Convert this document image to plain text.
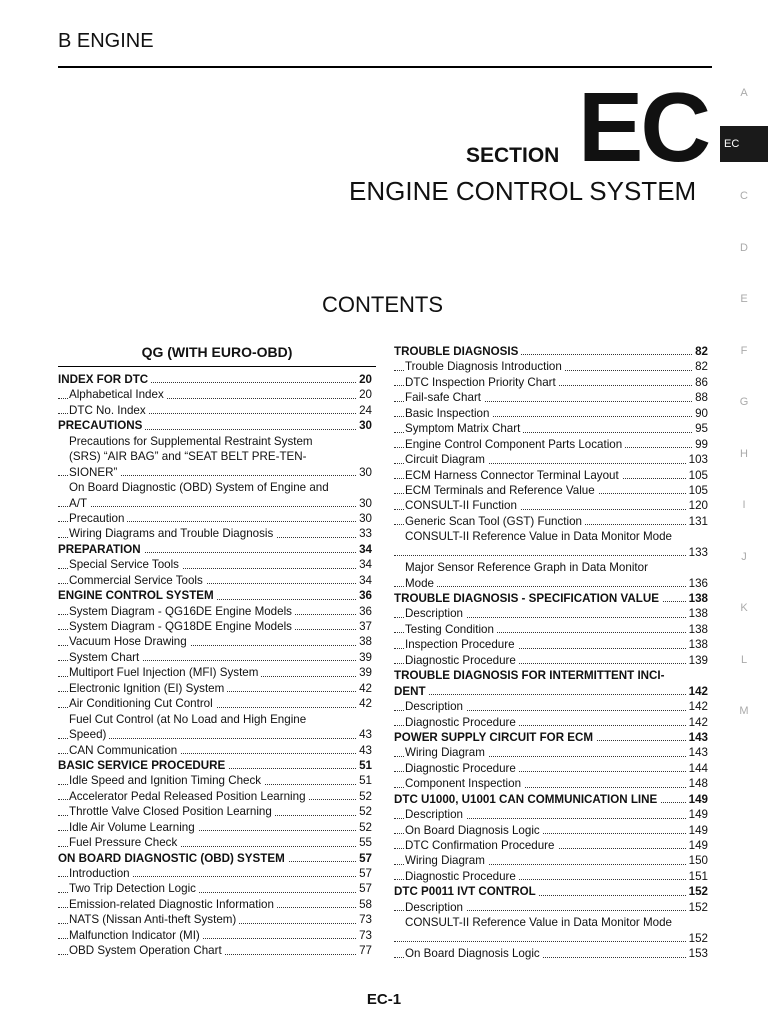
B ENGINE
SECTION EC
ENGINE CONTROL SYSTEM
CONTENTS
QG (WITH EURO-OBD)
INDEX FOR DTC	20
Alphabetical Index	20
DTC No. Index	24
PRECAUTIONS	30
Precautions for Supplemental Restraint System
(SRS) “AIR BAG” and “SEAT BELT PRE-TEN-
SIONER”	30
On Board Diagnostic (OBD) System of Engine and
A/T	30
Precaution	30
Wiring Diagrams and Trouble Diagnosis	33
PREPARATION	34
Special Service Tools	34
Commercial Service Tools	34
ENGINE CONTROL SYSTEM	36
System Diagram - QG16DE Engine Models	36
System Diagram - QG18DE Engine Models	37
Vacuum Hose Drawing	38
System Chart	39
Multiport Fuel Injection (MFI) System	39
Electronic Ignition (EI) System	42
Air Conditioning Cut Control	42
Fuel Cut Control (at No Load and High Engine
Speed)	43
CAN Communication	43
BASIC SERVICE PROCEDURE	51
Idle Speed and Ignition Timing Check	51
Accelerator Pedal Released Position Learning	52
Throttle Valve Closed Position Learning	52
Idle Air Volume Learning	52
Fuel Pressure Check	55
ON BOARD DIAGNOSTIC (OBD) SYSTEM	57
Introduction	57
Two Trip Detection Logic	57
Emission-related Diagnostic Information	58
NATS (Nissan Anti-theft System)	73
Malfunction Indicator (MI)	73
OBD System Operation Chart	77
TROUBLE DIAGNOSIS	82
Trouble Diagnosis Introduction	82
DTC Inspection Priority Chart	86
Fail-safe Chart	88
Basic Inspection	90
Symptom Matrix Chart	95
Engine Control Component Parts Location	99
Circuit Diagram	103
ECM Harness Connector Terminal Layout	105
ECM Terminals and Reference Value	105
CONSULT-II Function	120
Generic Scan Tool (GST) Function	131
CONSULT-II Reference Value in Data Monitor Mode
133
Major Sensor Reference Graph in Data Monitor
Mode	136
TROUBLE DIAGNOSIS - SPECIFICATION VALUE	138
Description	138
Testing Condition	138
Inspection Procedure	138
Diagnostic Procedure	139
TROUBLE DIAGNOSIS FOR INTERMITTENT INCI-
DENT	142
Description	142
Diagnostic Procedure	142
POWER SUPPLY CIRCUIT FOR ECM	143
Wiring Diagram	143
Diagnostic Procedure	144
Component Inspection	148
DTC U1000, U1001 CAN COMMUNICATION LINE	149
Description	149
On Board Diagnosis Logic	149
DTC Confirmation Procedure	149
Wiring Diagram	150
Diagnostic Procedure	151
DTC P0011 IVT CONTROL	152
Description	152
CONSULT-II Reference Value in Data Monitor Mode
152
On Board Diagnosis Logic	153
A
EC
C
D
E
F
G
H
I
J
K
L
M
EC-1
